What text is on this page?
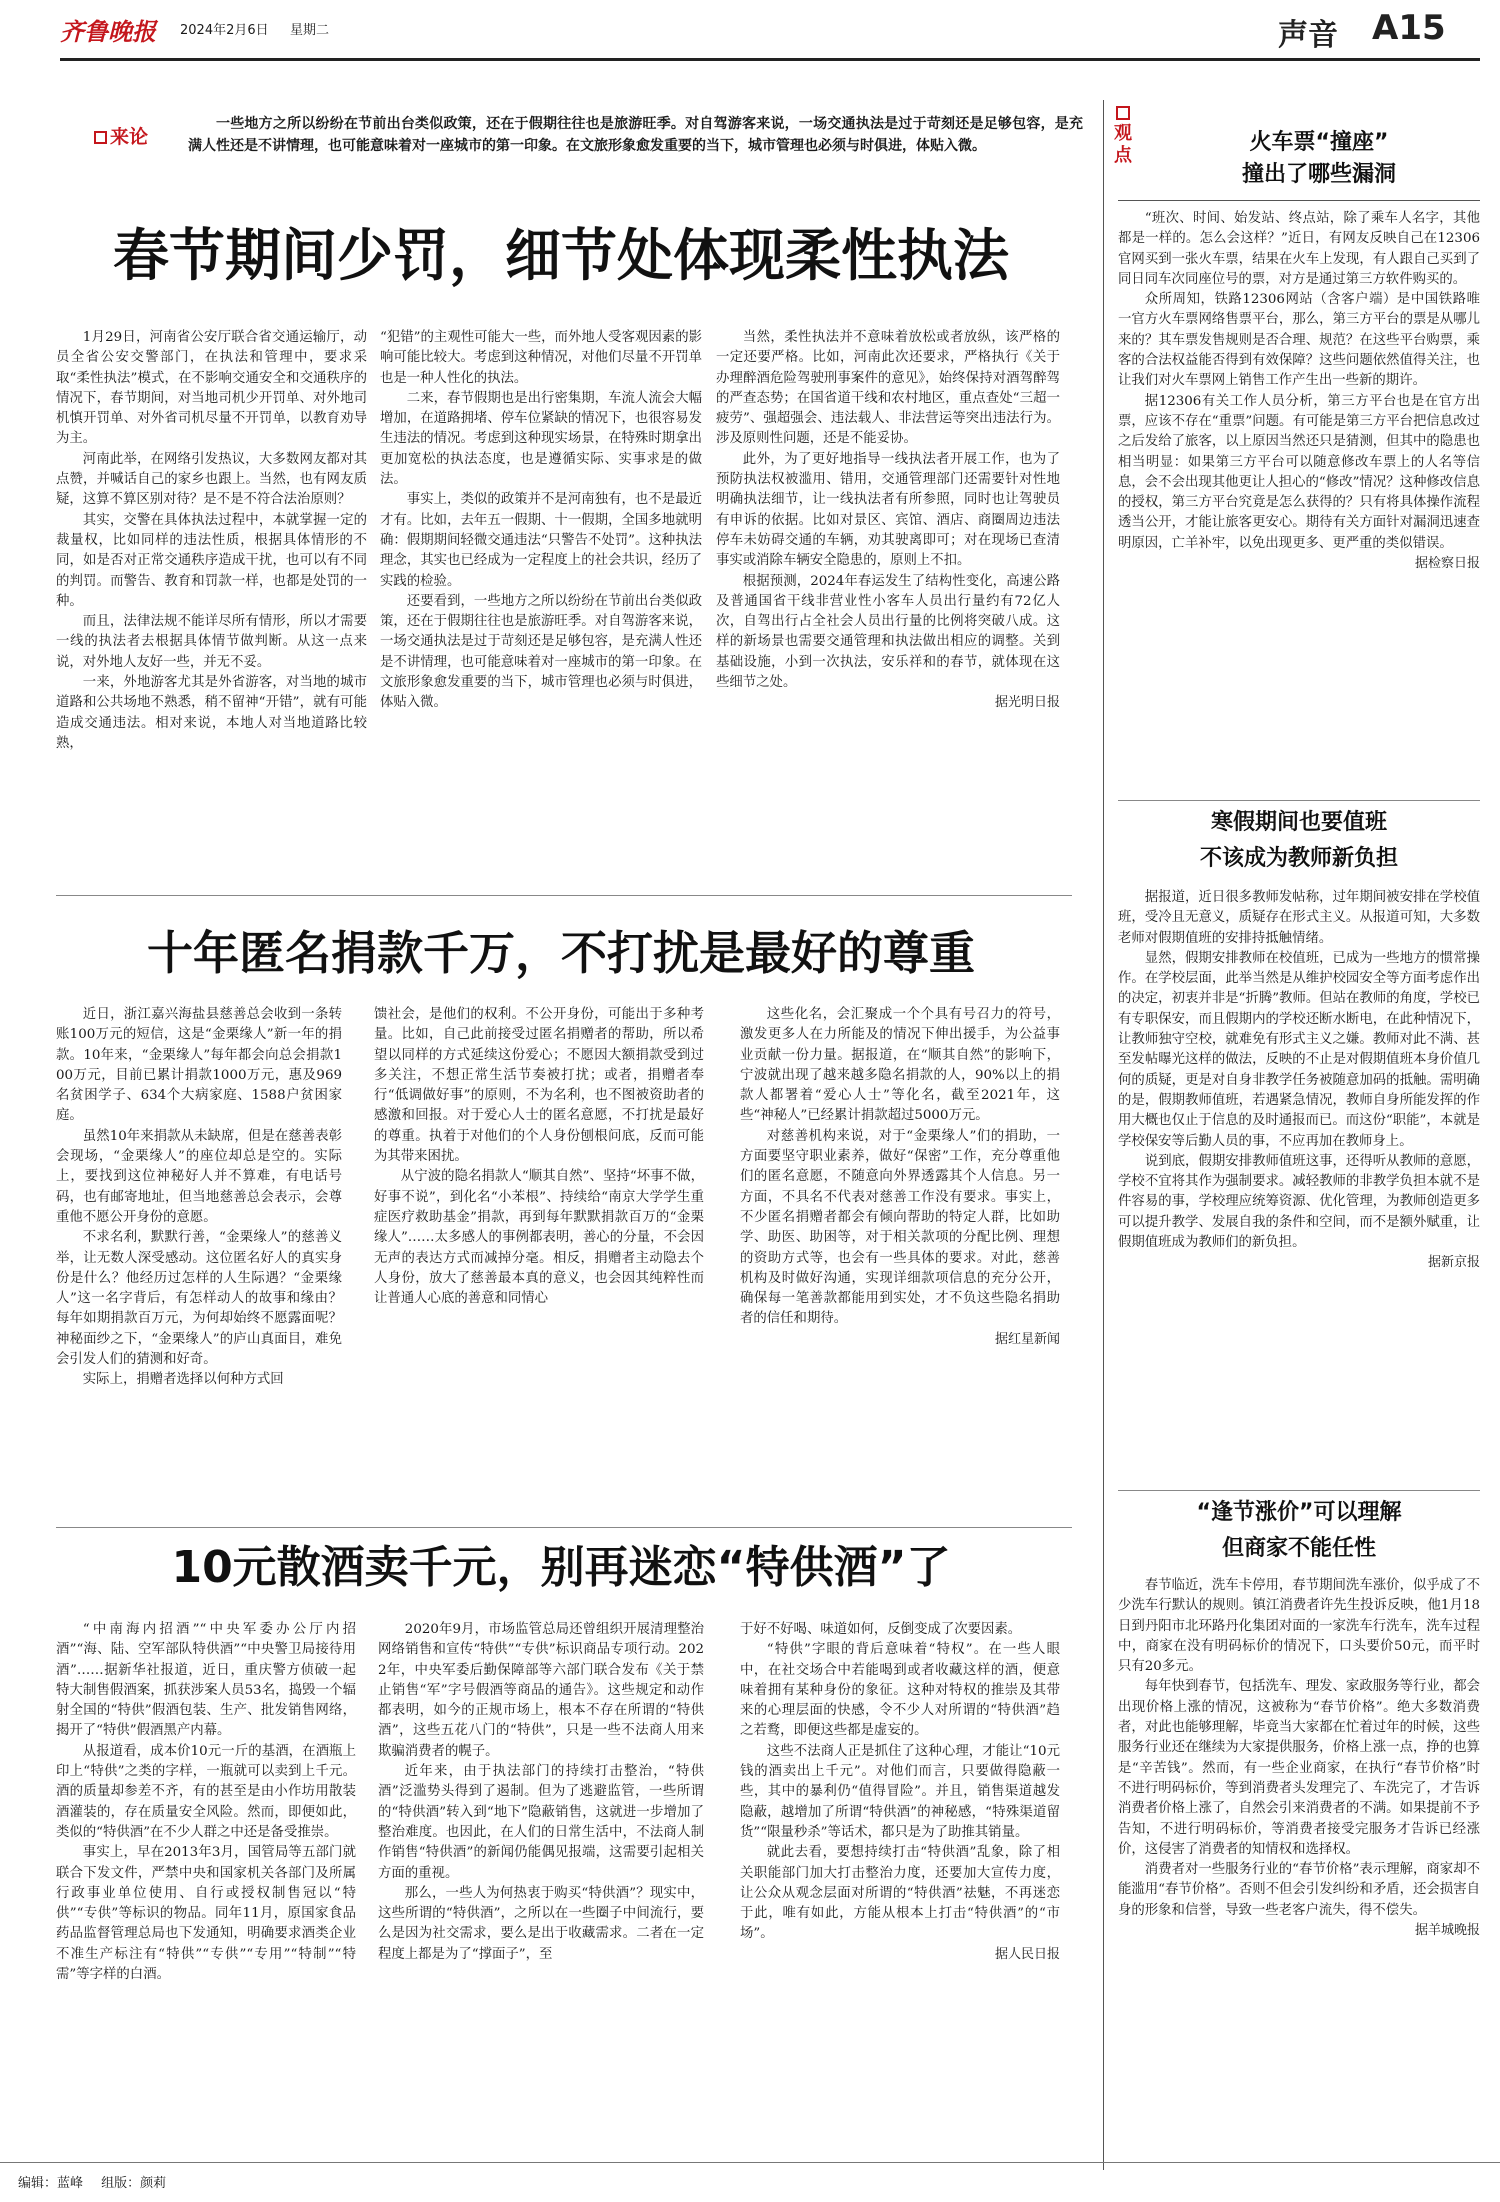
齐鲁晚报 2024年2月6日 星期二	声音 A15
来论
一些地方之所以纷纷在节前出台类似政策，还在于假期往往也是旅游旺季。对自驾游客来说，一场交通执法是过于苛刻还是足够包容，是充满人性还是不讲情理，也可能意味着对一座城市的第一印象。在文旅形象愈发重要的当下，城市管理也必须与时俱进，体贴入微。
春节期间少罚，细节处体现柔性执法

1月29日，河南省公安厅联合省交通运输厅，动员全省公安交警部门，在执法和管理中，要求采取“柔性执法”模式，在不影响交通安全和交通秩序的情况下，春节期间，对当地司机少开罚单、对外地司机慎开罚单、对外省司机尽量不开罚单，以教育劝导为主。

河南此举，在网络引发热议，大多数网友都对其点赞，并喊话自己的家乡也跟上。当然，也有网友质疑，这算不算区别对待？是不是不符合法治原则？

其实，交警在具体执法过程中，本就掌握一定的裁量权，比如同样的违法性质，根据具体情形的不同，如是否对正常交通秩序造成干扰，也可以有不同的判罚。而警告、教育和罚款一样，也都是处罚的一种。

而且，法律法规不能详尽所有情形，所以才需要一线的执法者去根据具体情节做判断。从这一点来说，对外地人友好一些，并无不妥。

一来，外地游客尤其是外省游客，对当地的城市道路和公共场地不熟悉，稍不留神“开错”，就有可能造成交通违法。相对来说，本地人对当地道路比较熟，

“犯错”的主观性可能大一些，而外地人受客观因素的影响可能比较大。考虑到这种情况，对他们尽量不开罚单也是一种人性化的执法。

二来，春节假期也是出行密集期，车流人流会大幅增加，在道路拥堵、停车位紧缺的情况下，也很容易发生违法的情况。考虑到这种现实场景，在特殊时期拿出更加宽松的执法态度，也是遵循实际、实事求是的做法。

事实上，类似的政策并不是河南独有，也不是最近才有。比如，去年五一假期、十一假期，全国多地就明确：假期期间轻微交通违法“只警告不处罚”。这种执法理念，其实也已经成为一定程度上的社会共识，经历了实践的检验。

还要看到，一些地方之所以纷纷在节前出台类似政策，还在于假期往往也是旅游旺季。对自驾游客来说，一场交通执法是过于苛刻还是足够包容，是充满人性还是不讲情理，也可能意味着对一座城市的第一印象。在文旅形象愈发重要的当下，城市管理也必须与时俱进，体贴入微。

当然，柔性执法并不意味着放松或者放纵，该严格的一定还要严格。比如，河南此次还要求，严格执行《关于办理醉酒危险驾驶刑事案件的意见》，始终保持对酒驾醉驾的严查态势；在国省道干线和农村地区，重点查处“三超一疲劳”、强超强会、违法载人、非法营运等突出违法行为。涉及原则性问题，还是不能妥协。

此外，为了更好地指导一线执法者开展工作，也为了预防执法权被滥用、错用，交通管理部门还需要针对性地明确执法细节，让一线执法者有所参照，同时也让驾驶员有申诉的依据。比如对景区、宾馆、酒店、商圈周边违法停车未妨碍交通的车辆，劝其驶离即可；对在现场已查清事实或消除车辆安全隐患的，原则上不扣。

根据预测，2024年春运发生了结构性变化，高速公路及普通国省干线非营业性小客车人员出行量约有72亿人次，自驾出行占全社会人员出行量的比例将突破八成。这样的新场景也需要交通管理和执法做出相应的调整。关到基础设施，小到一次执法，安乐祥和的春节，就体现在这些细节之处。

据光明日报

十年匿名捐款千万，不打扰是最好的尊重

近日，浙江嘉兴海盐县慈善总会收到一条转账100万元的短信，这是“金栗缘人”新一年的捐款。10年来，“金栗缘人”每年都会向总会捐款100万元，目前已累计捐款1000万元，惠及969名贫困学子、634个大病家庭、1588户贫困家庭。

虽然10年来捐款从未缺席，但是在慈善表彰会现场，“金栗缘人”的座位却总是空的。实际上，要找到这位神秘好人并不算难，有电话号码，也有邮寄地址，但当地慈善总会表示，会尊重他不愿公开身份的意愿。

不求名利，默默行善，“金栗缘人”的慈善义举，让无数人深受感动。这位匿名好人的真实身份是什么？他经历过怎样的人生际遇？“金栗缘人”这一名字背后，有怎样动人的故事和缘由？每年如期捐款百万元，为何却始终不愿露面呢？神秘面纱之下，“金栗缘人”的庐山真面目，难免会引发人们的猜测和好奇。

实际上，捐赠者选择以何种方式回

馈社会，是他们的权利。不公开身份，可能出于多种考量。比如，自己此前接受过匿名捐赠者的帮助，所以希望以同样的方式延续这份爱心；不愿因大额捐款受到过多关注，不想正常生活节奏被打扰；或者，捐赠者奉行“低调做好事”的原则，不为名利，也不图被资助者的感激和回报。对于爱心人士的匿名意愿，不打扰是最好的尊重。执着于对他们的个人身份刨根问底，反而可能为其带来困扰。

从宁波的隐名捐款人“顺其自然”、坚持“坏事不做，好事不说”，到化名“小苯根”、持续给“南京大学学生重症医疗救助基金”捐款，再到每年默默捐款百万的“金栗缘人”……太多感人的事例都表明，善心的分量，不会因无声的表达方式而减掉分毫。相反，捐赠者主动隐去个人身份，放大了慈善最本真的意义，也会因其纯粹性而让普通人心底的善意和同情心

这些化名，会汇聚成一个个具有号召力的符号，激发更多人在力所能及的情况下伸出援手，为公益事业贡献一份力量。据报道，在“顺其自然”的影响下，宁波就出现了越来越多隐名捐款的人，90%以上的捐款人都署着“爱心人士”等化名，截至2021年，这些“神秘人”已经累计捐款超过5000万元。

对慈善机构来说，对于“金栗缘人”们的捐助，一方面要坚守职业素养，做好“保密”工作，充分尊重他们的匿名意愿，不随意向外界透露其个人信息。另一方面，不具名不代表对慈善工作没有要求。事实上，不少匿名捐赠者都会有倾向帮助的特定人群，比如助学、助医、助困等，对于相关款项的分配比例、理想的资助方式等，也会有一些具体的要求。对此，慈善机构及时做好沟通，实现详细款项信息的充分公开，确保每一笔善款都能用到实处，才不负这些隐名捐助者的信任和期待。

据红星新闻

10元散酒卖千元，别再迷恋“特供酒”了

“中南海内招酒”“中央军委办公厅内招酒”“海、陆、空军部队特供酒”“中央警卫局接待用酒”……据新华社报道，近日，重庆警方侦破一起特大制售假酒案，抓获涉案人员53名，捣毁一个辐射全国的“特供”假酒包装、生产、批发销售网络，揭开了“特供”假酒黑产内幕。

从报道看，成本价10元一斤的基酒，在酒瓶上印上“特供”之类的字样，一瓶就可以卖到上千元。酒的质量却参差不齐，有的甚至是由小作坊用散装酒灌装的，存在质量安全风险。然而，即便如此，类似的“特供酒”在不少人群之中还是备受推崇。

事实上，早在2013年3月，国管局等五部门就联合下发文件，严禁中央和国家机关各部门及所属行政事业单位使用、自行或授权制售冠以“特供”“专供”等标识的物品。同年11月，原国家食品药品监督管理总局也下发通知，明确要求酒类企业不准生产标注有“特供”“专供”“专用”“特制”“特需”等字样的白酒。

2020年9月，市场监管总局还曾组织开展清理整治网络销售和宣传“特供”“专供”标识商品专项行动。2022年，中央军委后勤保障部等六部门联合发布《关于禁止销售“军”字号假酒等商品的通告》。这些规定和动作都表明，如今的正规市场上，根本不存在所谓的“特供酒”，这些五花八门的“特供”，只是一些不法商人用来欺骗消费者的幌子。

近年来，由于执法部门的持续打击整治，“特供酒”泛滥势头得到了遏制。但为了逃避监管，一些所谓的“特供酒”转入到“地下”隐蔽销售，这就进一步增加了整治难度。也因此，在人们的日常生活中，不法商人制作销售“特供酒”的新闻仍能偶见报端，这需要引起相关方面的重视。

那么，一些人为何热衷于购买“特供酒”？现实中，这些所谓的“特供酒”，之所以在一些圈子中间流行，要么是因为社交需求，要么是出于收藏需求。二者在一定程度上都是为了“撑面子”，至

于好不好喝、味道如何，反倒变成了次要因素。

“特供”字眼的背后意味着“特权”。在一些人眼中，在社交场合中若能喝到或者收藏这样的酒，便意味着拥有某种身份的象征。这种对特权的推崇及其带来的心理层面的快感，令不少人对所谓的“特供酒”趋之若鹜，即便这些都是虚妄的。

这些不法商人正是抓住了这种心理，才能让“10元钱的酒卖出上千元”。对他们而言，只要做得隐蔽一些，其中的暴利仍“值得冒险”。并且，销售渠道越发隐蔽，越增加了所谓“特供酒”的神秘感，“特殊渠道留货”“限量秒杀”等话术，都只是为了助推其销量。

就此去看，要想持续打击“特供酒”乱象，除了相关职能部门加大打击整治力度，还要加大宣传力度，让公众从观念层面对所谓的“特供酒”祛魅，不再迷恋于此，唯有如此，方能从根本上打击“特供酒”的“市场”。

据人民日报

观点
火车票“撞座”
撞出了哪些漏洞

“班次、时间、始发站、终点站，除了乘车人名字，其他都是一样的。怎么会这样？”近日，有网友反映自己在12306官网买到一张火车票，结果在火车上发现，有人跟自己买到了同日同车次同座位号的票，对方是通过第三方软件购买的。

众所周知，铁路12306网站（含客户端）是中国铁路唯一官方火车票网络售票平台，那么，第三方平台的票是从哪儿来的？其车票发售规则是否合理、规范？在这些平台购票，乘客的合法权益能否得到有效保障？这些问题依然值得关注，也让我们对火车票网上销售工作产生出一些新的期许。

据12306有关工作人员分析，第三方平台也是在官方出票，应该不存在“重票”问题。有可能是第三方平台把信息改过之后发给了旅客，以上原因当然还只是猜测，但其中的隐患也相当明显：如果第三方平台可以随意修改车票上的人名等信息，会不会出现其他更让人担心的“修改”情况？这种修改信息的授权，第三方平台究竟是怎么获得的？只有将具体操作流程透当公开，才能让旅客更安心。期待有关方面针对漏洞迅速查明原因，亡羊补牢，以免出现更多、更严重的类似错误。

据检察日报

寒假期间也要值班
不该成为教师新负担

据报道，近日很多教师发帖称，过年期间被安排在学校值班，受冷且无意义，质疑存在形式主义。从报道可知，大多数老师对假期值班的安排持抵触情绪。

显然，假期安排教师在校值班，已成为一些地方的惯常操作。在学校层面，此举当然是从维护校园安全等方面考虑作出的决定，初衷并非是“折腾”教师。但站在教师的角度，学校已有专职保安，而且假期内的学校还断水断电，在此种情况下，让教师独守空校，就难免有形式主义之嫌。教师对此不满、甚至发帖曝光这样的做法，反映的不止是对假期值班本身价值几何的质疑，更是对自身非教学任务被随意加码的抵触。需明确的是，假期教师值班，若遇紧急情况，教师自身所能发挥的作用大概也仅止于信息的及时通报而已。而这份“职能”，本就是学校保安等后勤人员的事，不应再加在教师身上。

说到底，假期安排教师值班这事，还得听从教师的意愿，学校不宜将其作为强制要求。减轻教师的非教学负担本就不是件容易的事，学校理应统筹资源、优化管理，为教师创造更多可以提升教学、发展自我的条件和空间，而不是额外赋重，让假期值班成为教师们的新负担。

据新京报

“逢节涨价”可以理解
但商家不能任性

春节临近，洗车卡停用，春节期间洗车涨价，似乎成了不少洗车行默认的规则。镇江消费者许先生投诉反映，他1月18日到丹阳市北环路丹化集团对面的一家洗车行洗车，洗车过程中，商家在没有明码标价的情况下，口头要价50元，而平时只有20多元。

每年快到春节，包括洗车、理发、家政服务等行业，都会出现价格上涨的情况，这被称为“春节价格”。绝大多数消费者，对此也能够理解，毕竟当大家都在忙着过年的时候，这些服务行业还在继续为大家提供服务，价格上涨一点，挣的也算是“辛苦钱”。然而，有一些企业商家，在执行“春节价格”时不进行明码标价，等到消费者头发理完了、车洗完了，才告诉消费者价格上涨了，自然会引来消费者的不满。如果提前不予告知，不进行明码标价，等消费者接受完服务才告诉已经涨价，这侵害了消费者的知情权和选择权。

消费者对一些服务行业的“春节价格”表示理解，商家却不能滥用“春节价格”。否则不但会引发纠纷和矛盾，还会损害自身的形象和信誉，导致一些老客户流失，得不偿失。

据羊城晚报

编辑：蓝峰 组版：颜莉
